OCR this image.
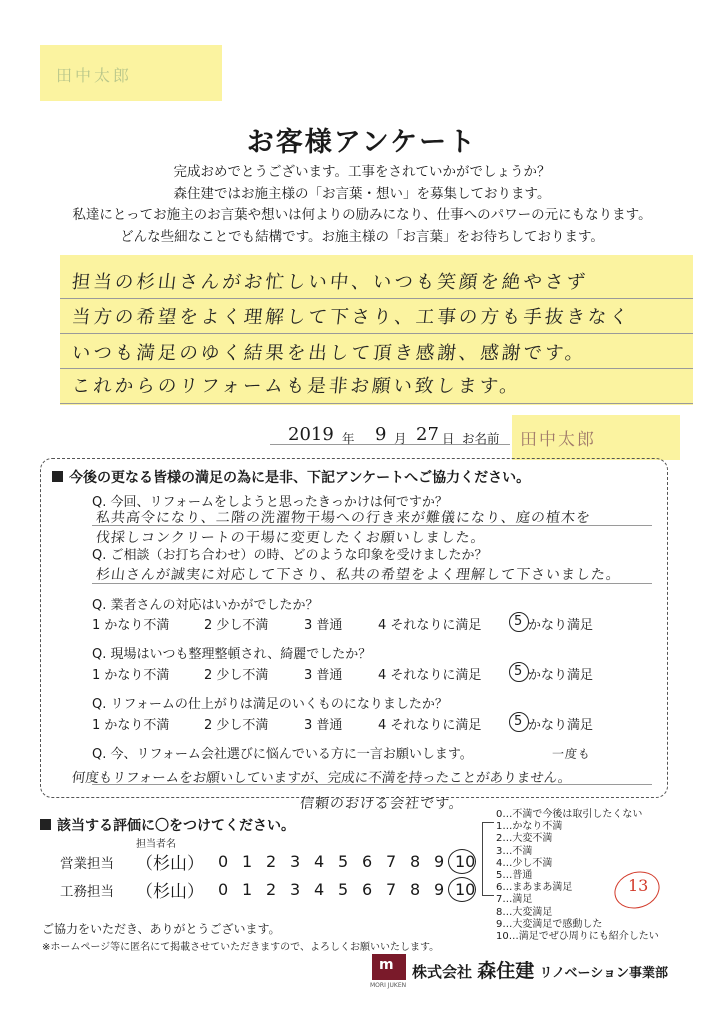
田中太郎
お客様アンケート
完成おめでとうございます。工事をされていかがでしょうか？
森住建ではお施主様の「お言葉・想い」を募集しております。
私達にとってお施主のお言葉や想いは何よりの励みになり、仕事へのパワーの元にもなります。
どんな些細なことでも結構です。お施主様の「お言葉」をお待ちしております。
担当の杉山さんがお忙しい中、いつも笑顔を絶やさず
当方の希望をよく理解して下さり、工事の方も手抜きなく
いつも満足のゆく結果を出して頂き感謝、感謝です。
これからのリフォームも是非お願い致します。
田中太郎
2019 年 9 月 27 日 お名前
今後の更なる皆様の満足の為に是非、下記アンケートへご協力ください。
Q. 今回、リフォームをしようと思ったきっかけは何ですか？
私共高令になり、二階の洗濯物干場への行き来が難儀になり、庭の植木を
伐採しコンクリートの干場に変更したくお願いしました。
Q. ご相談（お打ち合わせ）の時、どのような印象を受けましたか？
杉山さんが誠実に対応して下さり、私共の希望をよく理解して下さいました。
Q. 業者さんの対応はいかがでしたか？
1 かなり不満	2 少し不満	3 普通	4 それなりに満足	5 かなり満足
Q. 現場はいつも整理整頓され、綺麗でしたか？
1 かなり不満	2 少し不満	3 普通	4 それなりに満足	5 かなり満足
Q. リフォームの仕上がりは満足のいくものになりましたか？
1 かなり不満	2 少し不満	3 普通	4 それなりに満足	5 かなり満足
Q. 今、リフォーム会社選びに悩んでいる方に一言お願いします。	一度も
何度もリフォームをお願いしていますが、完成に不満を持ったことがありません。
信頼のおける会社です。
該当する評価に〇をつけてください。
担当者名
営業担当 （杉山） 0 1 2 3 4 5 6 7 8 9 10
工務担当 （杉山） 0 1 2 3 4 5 6 7 8 9 10
0…不満で今後は取引したくない
1…かなり不満
2…大変不満
3…不満
4…少し不満
5…普通
6…まあまあ満足
7…満足
8…大変満足
9…大変満足で感動した
10…満足でぜひ周りにも紹介したい
13
ご協力をいただき、ありがとうございます。
※ホームページ等に匿名にて掲載させていただきますので、よろしくお願いいたします。
m
MORI JUKEN
株式会社 森住建 リノベーション事業部
